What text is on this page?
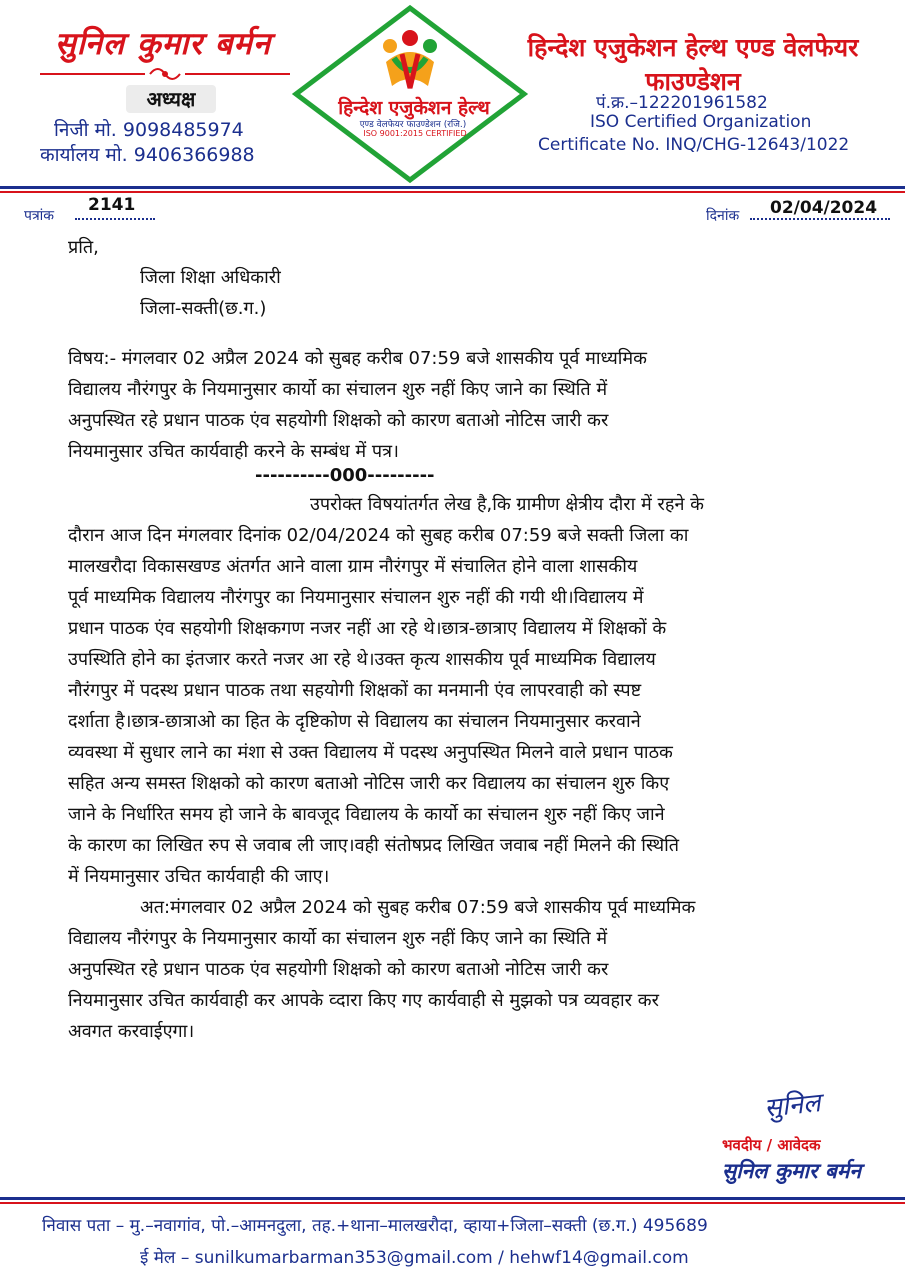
सुनिल कुमार बर्मन
अध्यक्ष
निजी मो. 9098485974
कार्यालय मो. 9406366988
हिन्देश एजुकेशन हेल्थ
एण्ड वेलफेयर फाउण्डेशन (रजि.)
ISO 9001:2015 CERTIFIED
हिन्देश एजुकेशन हेल्थ एण्ड वेलफेयर फाउण्डेशन
पं.क्र.–122201961582
ISO Certified Organization
Certificate No. INQ/CHG-12643/1022
पत्रांक
2141
दिनांक 02/04/2024
प्रति,
जिला शिक्षा अधिकारी
जिला-सक्ती(छ.ग.)
विषय:- मंगलवार 02 अप्रैल 2024 को सुबह करीब 07:59 बजे शासकीय पूर्व माध्यमिक
विद्यालय नौरंगपुर के नियमानुसार कार्यो का संचालन शुरु नहीं किए जाने का स्थिति में
अनुपस्थित रहे प्रधान पाठक एंव सहयोगी शिक्षको को कारण बताओ नोटिस जारी कर
नियमानुसार उचित कार्यवाही करने के सम्बंध में पत्र।
----------000---------
उपरोक्त विषयांतर्गत लेख है,कि ग्रामीण क्षेत्रीय दौरा में रहने के
दौरान आज दिन मंगलवार दिनांक 02/04/2024 को सुबह करीब 07:59 बजे सक्ती जिला का
मालखरौदा विकासखण्ड अंतर्गत आने वाला ग्राम नौरंगपुर में संचालित होने वाला शासकीय
पूर्व माध्यमिक विद्यालय नौरंगपुर का नियमानुसार संचालन शुरु नहीं की गयी थी।विद्यालय में
प्रधान पाठक एंव सहयोगी शिक्षकगण नजर नहीं आ रहे थे।छात्र-छात्राए विद्यालय में शिक्षकों के
उपस्थिति होने का इंतजार करते नजर आ रहे थे।उक्त कृत्य शासकीय पूर्व माध्यमिक विद्यालय
नौरंगपुर में पदस्थ प्रधान पाठक तथा सहयोगी शिक्षकों का मनमानी एंव लापरवाही को स्पष्ट
दर्शाता है।छात्र-छात्राओ का हित के दृष्टिकोण से विद्यालय का संचालन नियमानुसार करवाने
व्यवस्था में सुधार लाने का मंशा से उक्त विद्यालय में पदस्थ अनुपस्थित मिलने वाले प्रधान पाठक
सहित अन्य समस्त शिक्षको को कारण बताओ नोटिस जारी कर विद्यालय का संचालन शुरु किए
जाने के निर्धारित समय हो जाने के बावजूद विद्यालय के कार्यो का संचालन शुरु नहीं किए जाने
के कारण का लिखित रुप से जवाब ली जाए।वही संतोषप्रद लिखित जवाब नहीं मिलने की स्थिति
में नियमानुसार उचित कार्यवाही की जाए।
अत:मंगलवार 02 अप्रैल 2024 को सुबह करीब 07:59 बजे शासकीय पूर्व माध्यमिक
विद्यालय नौरंगपुर के नियमानुसार कार्यो का संचालन शुरु नहीं किए जाने का स्थिति में
अनुपस्थित रहे प्रधान पाठक एंव सहयोगी शिक्षको को कारण बताओ नोटिस जारी कर
नियमानुसार उचित कार्यवाही कर आपके व्दारा किए गए कार्यवाही से मुझको पत्र व्यवहार कर
अवगत करवाईएगा।
सुनिल
भवदीय / आवेदक
सुनिल कुमार बर्मन
निवास पता – मु.–नवागांव, पो.–आमनदुला, तह.+थाना–मालखरौदा, व्हाया+जिला–सक्ती (छ.ग.) 495689
ई मेल – sunilkumarbarman353@gmail.com / hehwf14@gmail.com
